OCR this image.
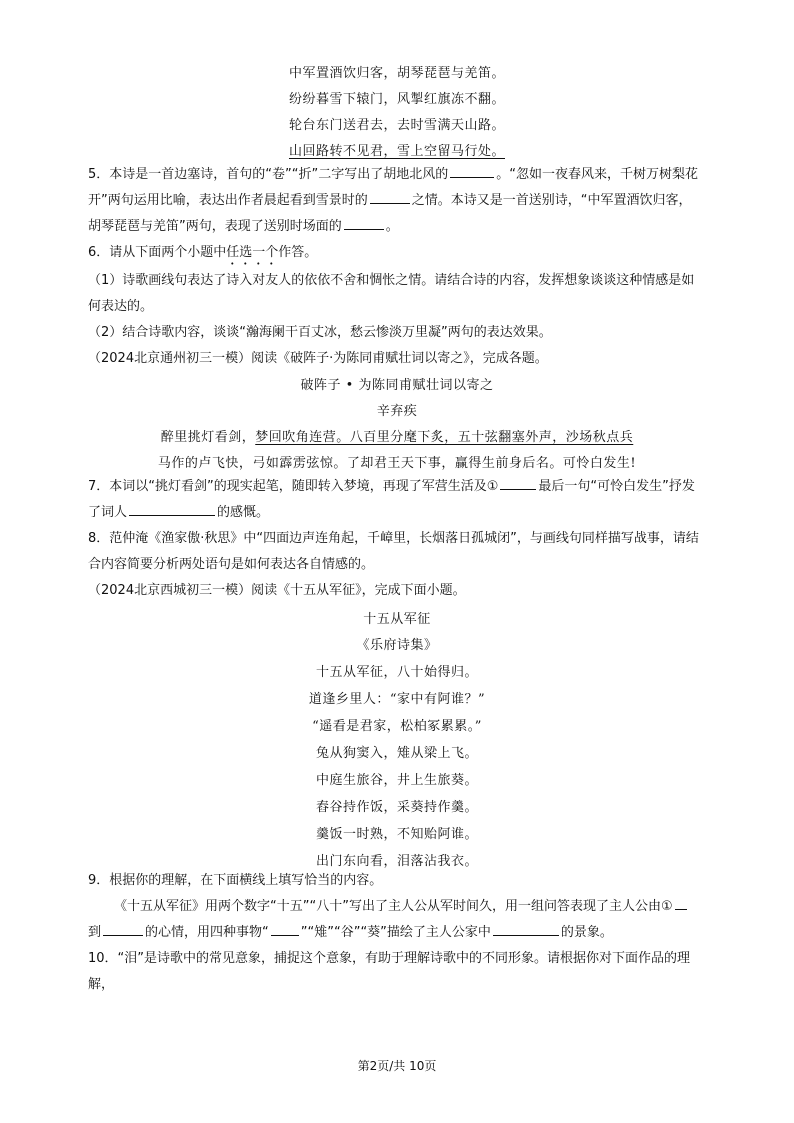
中军置酒饮归客，胡琴琵琶与羌笛。
纷纷暮雪下辕门，风掣红旗冻不翻。
轮台东门送君去，去时雪满天山路。
山回路转不见君，雪上空留马行处。
5．本诗是一首边塞诗，首句的“卷”“折”二字写出了胡地北风的	。“忽如一夜春风来，千树万树梨花
开”两句运用比喻，表达出作者晨起看到雪景时的	之情。本诗又是一首送别诗，“中军置酒饮归客，
胡琴琵琶与羌笛”两句，表现了送别时场面的	。
6．请从下面两个小题中任选一个作答。
（1）诗歌画线句表达了诗入对友人的依依不舍和惆怅之情。请结合诗的内容，发挥想象谈谈这种情感是如
何表达的。
（2）结合诗歌内容，谈谈“瀚海阑干百丈冰，愁云惨淡万里凝”两句的表达效果。
（2024北京通州初三一模）阅读《破阵子·为陈同甫赋壮词以寄之》，完成各题。
破阵子 • 为陈同甫赋壮词以寄之
辛弃疾
醉里挑灯看剑，梦回吹角连营。八百里分麾下炙，五十弦翻塞外声，沙场秋点兵
马作的卢飞快，弓如霹雳弦惊。了却君王天下事，赢得生前身后名。可怜白发生!
7．本词以“挑灯看剑”的现实起笔，随即转入梦境，再现了军营生活及①	最后一句“可怜白发生”抒发
了词人	的感慨。
8．范仲淹《渔家傲·秋思》中“四面边声连角起，千嶂里，长烟落日孤城闭”，与画线句同样描写战事，请结
合内容简要分析两处语句是如何表达各自情感的。
（2024北京西城初三一模）阅读《十五从军征》，完成下面小题。
十五从军征
《乐府诗集》
十五从军征，八十始得归。
道逢乡里人：“家中有阿谁？”
“遥看是君家，松柏冢累累。”
兔从狗窦入，雉从梁上飞。
中庭生旅谷，井上生旅葵。
舂谷持作饭，采葵持作羹。
羹饭一时熟，不知贻阿谁。
出门东向看，泪落沾我衣。
9．根据你的理解，在下面横线上填写恰当的内容。
《十五从军征》用两个数字“十五”“八十”写出了主人公从军时间久，用一组问答表现了主人公由①
到	的心情，用四种事物“ ”“雉”“谷”“葵”描绘了主人公家中	的景象。
10．“泪”是诗歌中的常见意象，捕捉这个意象，有助于理解诗歌中的不同形象。请根据你对下面作品的理解，
第2页/共 10页
